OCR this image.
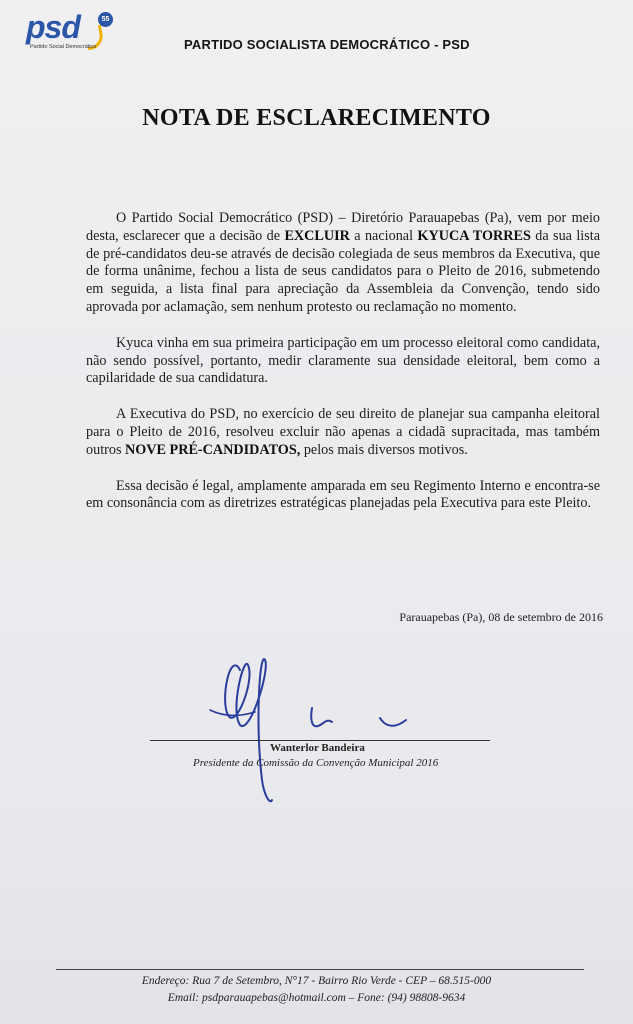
psd	55
Partido Social Democrático	PARTIDO SOCIALISTA DEMOCRÁTICO - PSD
NOTA DE ESCLARECIMENTO

O Partido Social Democrático (PSD) – Diretório Parauapebas (Pa), vem por meio desta, esclarecer que a decisão de EXCLUIR a nacional KYUCA TORRES da sua lista de pré-candidatos deu-se através de decisão colegiada de seus membros da Executiva, que de forma unânime, fechou a lista de seus candidatos para o Pleito de 2016, submetendo em seguida, a lista final para apreciação da Assembleia da Convenção, tendo sido aprovada por aclamação, sem nenhum protesto ou reclamação no momento.

Kyuca vinha em sua primeira participação em um processo eleitoral como candidata, não sendo possível, portanto, medir claramente sua densidade eleitoral, bem como a capilaridade de sua candidatura.

A Executiva do PSD, no exercício de seu direito de planejar sua campanha eleitoral para o Pleito de 2016, resolveu excluir não apenas a cidadã supracitada, mas também outros NOVE PRÉ-CANDIDATOS, pelos mais diversos motivos.

Essa decisão é legal, amplamente amparada em seu Regimento Interno e encontra-se em consonância com as diretrizes estratégicas planejadas pela Executiva para este Pleito.

Parauapebas (Pa), 08 de setembro de 2016
Wanterlor Bandeira
Presidente da Comissão da Convenção Municipal 2016
Endereço: Rua 7 de Setembro, N°17 - Bairro Rio Verde - CEP – 68.515-000
Email: psdparauapebas@hotmail.com – Fone: (94) 98808-9634
